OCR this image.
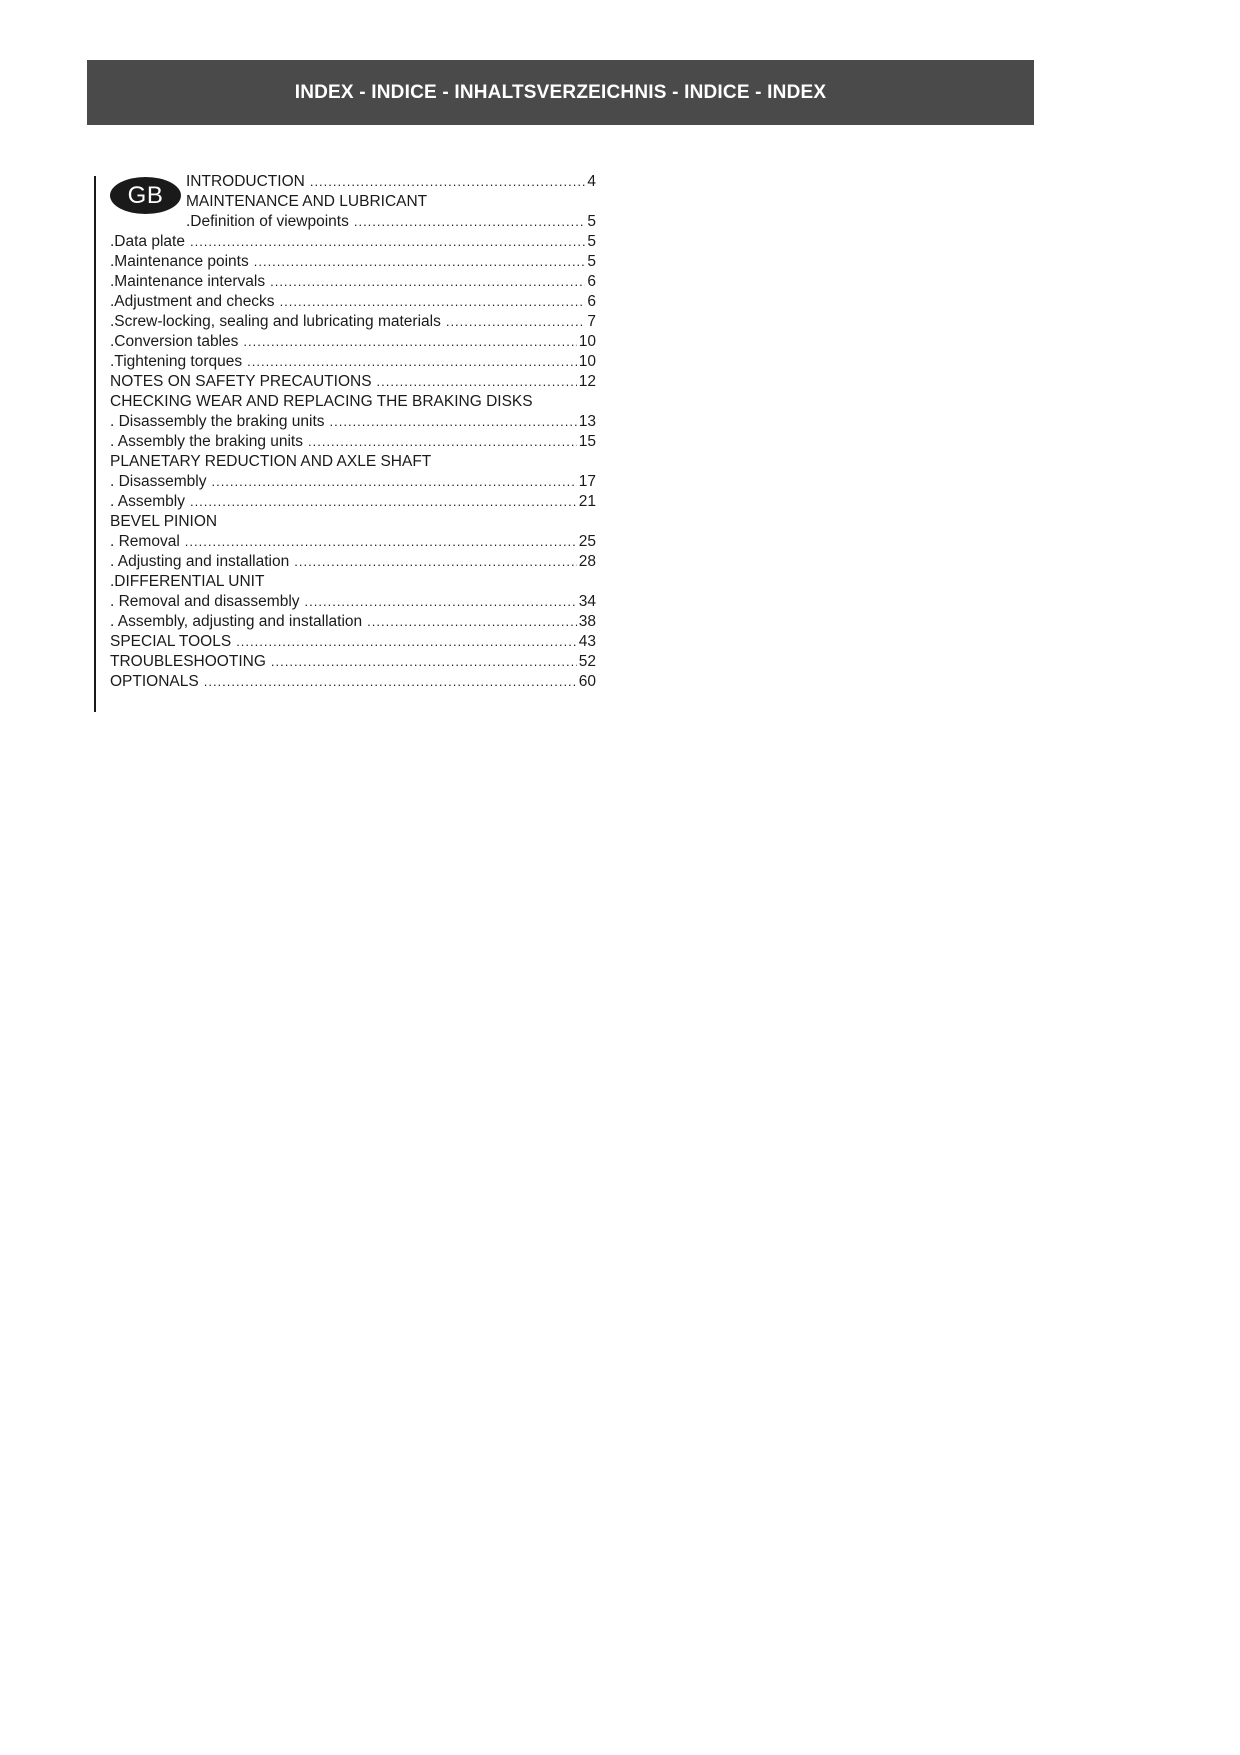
INDEX - INDICE - INHALTSVERZEICHNIS - INDICE - INDEX
GB	INTRODUCTION .....	4
MAINTENANCE AND LUBRICANT
.Definition of viewpoints .....	5
.Data plate .....	5
.Maintenance points .....	5
.Maintenance intervals .....	6
.Adjustment and checks .....	6
.Screw-locking, sealing and lubricating materials .....	7
.Conversion tables .....	10
.Tightening torques .....	10
NOTES ON SAFETY PRECAUTIONS .....	12
CHECKING WEAR AND REPLACING THE BRAKING DISKS
. Disassembly the braking units .....	13
. Assembly the braking units .....	15
PLANETARY REDUCTION AND AXLE SHAFT
. Disassembly .....	17
. Assembly .....	21
BEVEL PINION
. Removal .....	25
. Adjusting and installation .....	28
.DIFFERENTIAL UNIT
. Removal and disassembly .....	34
. Assembly, adjusting and installation .....	38
SPECIAL TOOLS .....	43
TROUBLESHOOTING .....	52
OPTIONALS .....	60
